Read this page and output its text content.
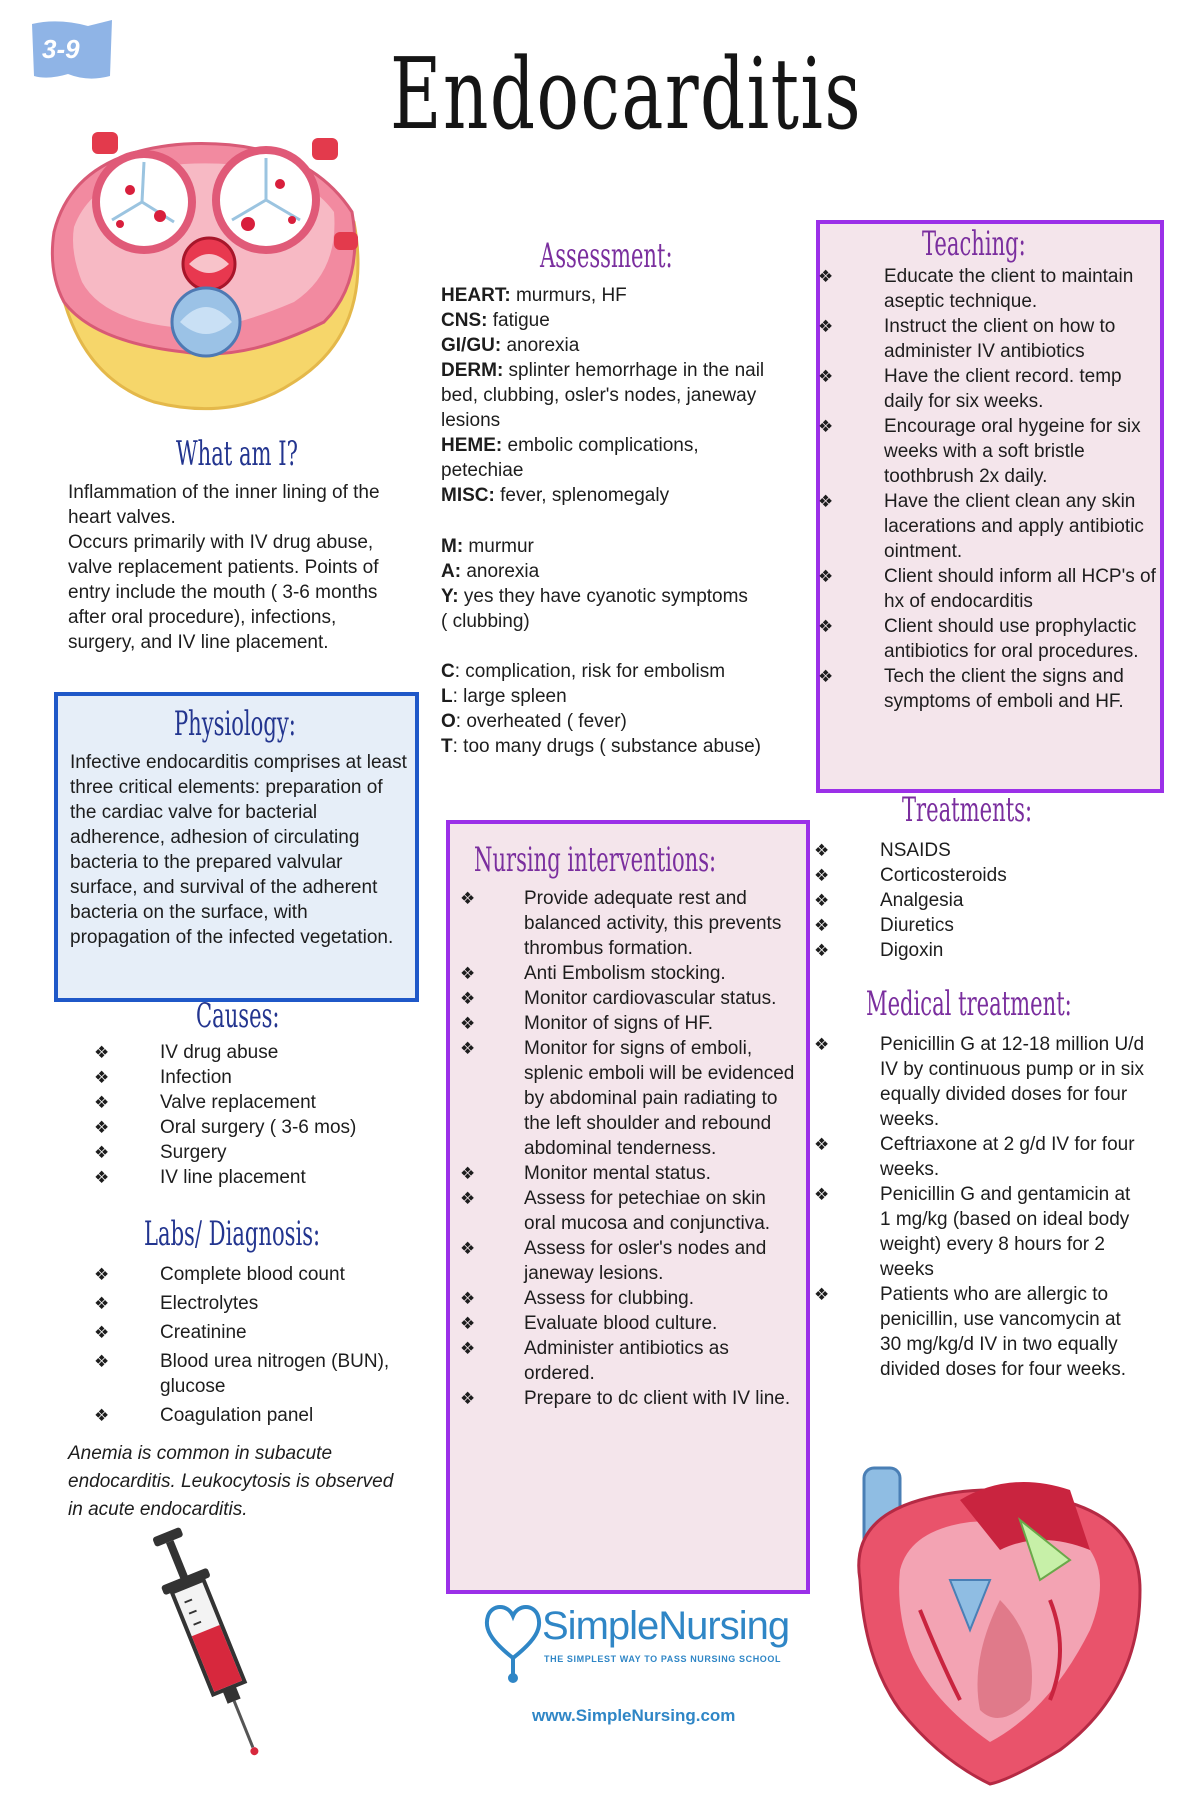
3-9	Endocarditis
What am I?
Inflammation of the inner lining of the heart valves.
Occurs primarily with IV drug abuse, valve replacement patients. Points of entry include the mouth ( 3-6 months after oral procedure), infections, surgery, and IV line placement.
Physiology:
Infective endocarditis comprises at least three critical elements: preparation of the cardiac valve for bacterial adherence, adhesion of circulating bacteria to the prepared valvular surface, and survival of the adherent bacteria on the surface, with propagation of the infected vegetation.
Causes:
❖	IV drug abuse
❖	Infection
❖	Valve replacement
❖	Oral surgery ( 3-6 mos)
❖	Surgery
❖	IV line placement
Labs/ Diagnosis:
❖	Complete blood count
❖	Electrolytes
❖	Creatinine
❖	Blood urea nitrogen (BUN), glucose
❖	Coagulation panel
Anemia is common in subacute endocarditis. Leukocytosis is observed in acute endocarditis.
Assessment:
HEART: murmurs, HF
CNS: fatigue
GI/GU: anorexia
DERM: splinter hemorrhage in the nail bed, clubbing, osler's nodes, janeway lesions
HEME: embolic complications, petechiae
MISC: fever, splenomegaly
M: murmur
A: anorexia
Y: yes they have cyanotic symptoms ( clubbing)
C: complication, risk for embolism
L: large spleen
O: overheated ( fever)
T: too many drugs ( substance abuse)
Nursing interventions:
❖	Provide adequate rest and balanced activity, this prevents thrombus formation.
❖	Anti Embolism stocking.
❖	Monitor cardiovascular status.
❖	Monitor of signs of HF.
❖	Monitor for signs of emboli, splenic emboli will be evidenced by abdominal pain radiating to the left shoulder and rebound abdominal tenderness.
❖	Monitor mental status.
❖	Assess for petechiae on skin oral mucosa and conjunctiva.
❖	Assess for osler's nodes and janeway lesions.
❖	Assess for clubbing.
❖	Evaluate blood culture.
❖	Administer antibiotics as ordered.
❖	Prepare to dc client with IV line.
SimpleNursing
THE SIMPLEST WAY TO PASS NURSING SCHOOL
www.SimpleNursing.com
Teaching:
❖	Educate the client to maintain aseptic technique.
❖	Instruct the client on how to administer IV antibiotics
❖	Have the client record. temp daily for six weeks.
❖	Encourage oral hygeine for six weeks with a soft bristle toothbrush 2x daily.
❖	Have the client clean any skin lacerations and apply antibiotic ointment.
❖	Client should inform all HCP's of hx of endocarditis
❖	Client should use prophylactic antibiotics for oral procedures.
❖	Tech the client the signs and symptoms of emboli and HF.
Treatments:
❖	NSAIDS
❖	Corticosteroids
❖	Analgesia
❖	Diuretics
❖	Digoxin
Medical treatment:
❖	Penicillin G at 12-18 million U/d IV by continuous pump or in six equally divided doses for four weeks.
❖	Ceftriaxone at 2 g/d IV for four weeks.
❖	Penicillin G and gentamicin at 1 mg/kg (based on ideal body weight) every 8 hours for 2 weeks
❖	Patients who are allergic to penicillin, use vancomycin at 30 mg/kg/d IV in two equally divided doses for four weeks.
